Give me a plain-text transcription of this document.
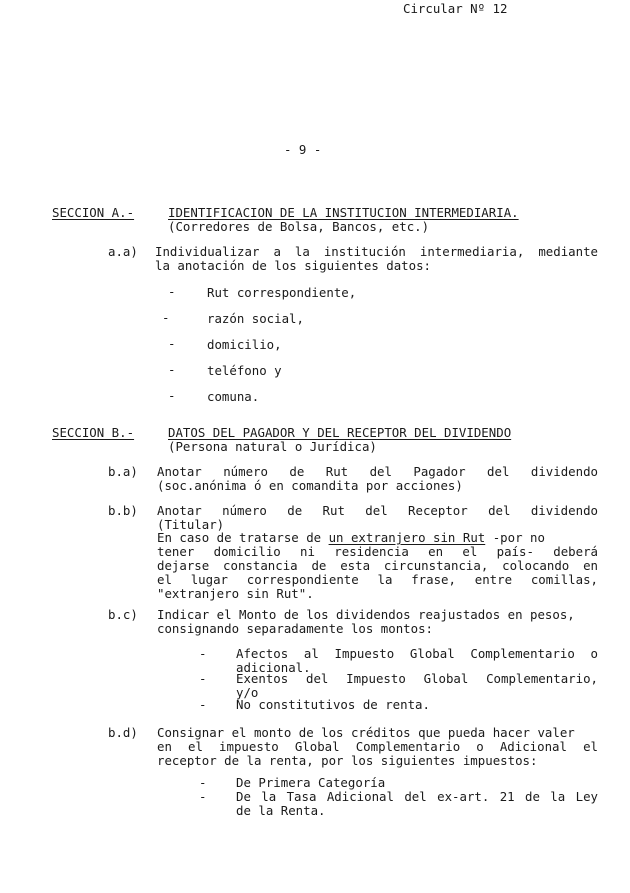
Circular Nº 12
- 9 -
SECCION A.-	IDENTIFICACION DE LA INSTITUCION INTERMEDIARIA.
(Corredores de Bolsa, Bancos, etc.)
a.a) Individualizar a la institución intermediaria, mediante
la anotación de los siguientes datos:
-	Rut correspondiente,
-	razón social,
-	domicilio,
-	teléfono y
-	comuna.
SECCION B.-	DATOS DEL PAGADOR Y DEL RECEPTOR DEL DIVIDENDO
(Persona natural o Jurídica)
b.a) Anotar número de Rut del Pagador del dividendo
(soc.anónima ó en comandita por acciones)
b.b) Anotar número de Rut del Receptor del dividendo
(Titular)
En caso de tratarse de un extranjero sin Rut -por no
tener domicilio ni residencia en el país- deberá
dejarse constancia de esta circunstancia, colocando en
el lugar correspondiente la frase, entre comillas,
"extranjero sin Rut".
b.c) Indicar el Monto de los dividendos reajustados en pesos,
consignando separadamente los montos:
- Afectos al Impuesto Global Complementario o
adicional.
- Exentos del Impuesto Global Complementario,
y/o
- No constitutivos de renta.
b.d) Consignar el monto de los créditos que pueda hacer valer
en el impuesto Global Complementario o Adicional el
receptor de la renta, por los siguientes impuestos:
- De Primera Categoría
- De la Tasa Adicional del ex-art. 21 de la Ley
de la Renta.
